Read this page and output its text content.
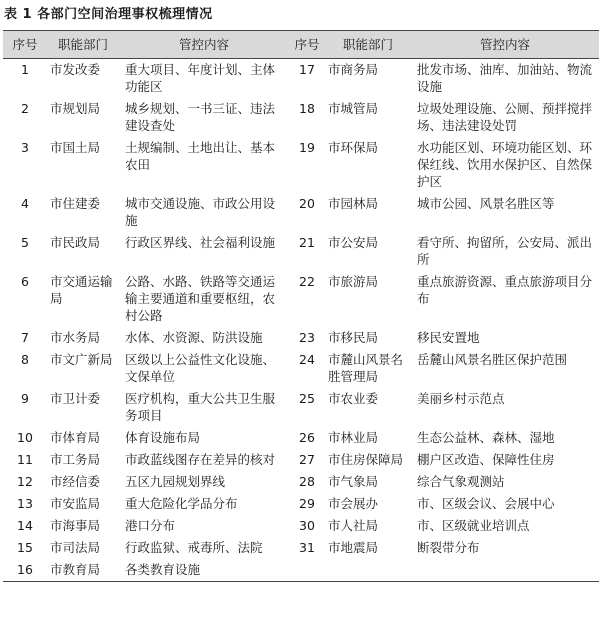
表 1 各部门空间治理事权梳理情况
序号	职能部门	管控内容	序号	职能部门	管控内容
1	市发改委	重大项目、年度计划、主体功能区	17	市商务局	批发市场、油库、加油站、物流设施
2	市规划局	城乡规划、一书三证、违法建设查处	18	市城管局	垃圾处理设施、公厕、预拌搅拌场、违法建设处罚
3	市国土局	土规编制、土地出让、基本农田	19	市环保局	水功能区划、环境功能区划、环保红线、饮用水保护区、自然保护区
4	市住建委	城市交通设施、市政公用设施	20	市园林局	城市公园、风景名胜区等
5	市民政局	行政区界线、社会福利设施	21	市公安局	看守所、拘留所，公安局、派出所
6	市交通运输局	公路、水路、铁路等交通运输主要通道和重要枢纽，农村公路	22	市旅游局	重点旅游资源、重点旅游项目分布
7	市水务局	水体、水资源、防洪设施	23	市移民局	移民安置地
8	市文广新局	区级以上公益性文化设施、文保单位	24	市麓山风景名胜管理局	岳麓山风景名胜区保护范围
9	市卫计委	医疗机构，重大公共卫生服务项目	25	市农业委	美丽乡村示范点
10	市体育局	体育设施布局	26	市林业局	生态公益林、森林、湿地
11	市工务局	市政蓝线图存在差异的核对	27	市住房保障局	棚户区改造、保障性住房
12	市经信委	五区九园规划界线	28	市气象局	综合气象观测站
13	市安监局	重大危险化学品分布	29	市会展办	市、区级会议、会展中心
14	市海事局	港口分布	30	市人社局	市、区级就业培训点
15	市司法局	行政监狱、戒毒所、法院	31	市地震局	断裂带分布
16	市教育局	各类教育设施			
